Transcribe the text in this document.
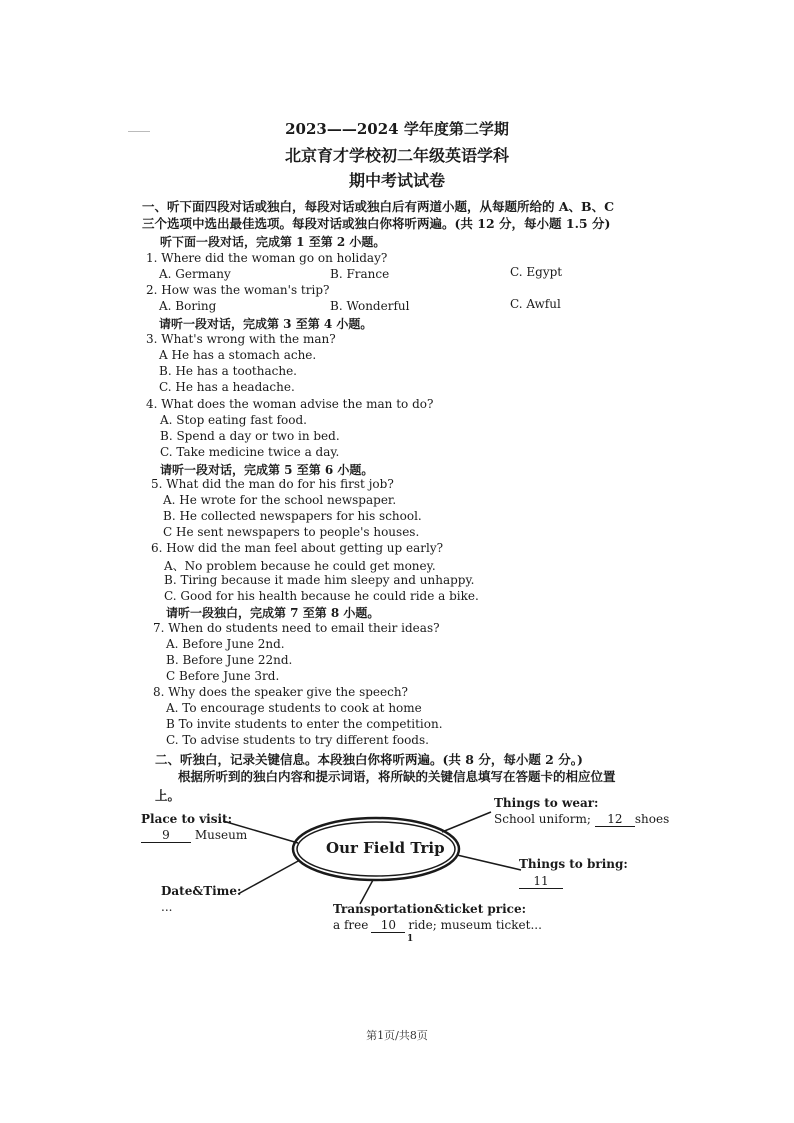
2023——2024 学年度第二学期
北京育才学校初二年级英语学科
期中考试试卷
一、听下面四段对话或独白，每段对话或独白后有两道小题，从每题所给的 A、B、C
三个选项中选出最佳选项。每段对话或独白你将听两遍。(共 12 分，每小题 1.5 分)
听下面一段对话，完成第 1 至第 2 小题。
1. Where did the woman go on holiday?
A. Germany	B. France	C. Egypt
2. How was the woman's trip?
A. Boring	B. Wonderful	C. Awful
请听一段对话，完成第 3 至第 4 小题。
3. What's wrong with the man?
A He has a stomach ache.
B. He has a toothache.
C. He has a headache.
4. What does the woman advise the man to do?
A. Stop eating fast food.
B. Spend a day or two in bed.
C. Take medicine twice a day.
请听一段对话，完成第 5 至第 6 小题。
5. What did the man do for his first job?
A. He wrote for the school newspaper.
B. He collected newspapers for his school.
C He sent newspapers to people's houses.
6. How did the man feel about getting up early?
A、No problem because he could get money.
B. Tiring because it made him sleepy and unhappy.
C. Good for his health because he could ride a bike.
请听一段独白，完成第 7 至第 8 小题。
7. When do students need to email their ideas?
A. Before June 2nd.
B. Before June 22nd.
C Before June 3rd.
8. Why does the speaker give the speech?
A. To encourage students to cook at home
B To invite students to enter the competition.
C. To advise students to try different foods.
二、听独白，记录关键信息。本段独白你将听两遍。(共 8 分，每小题 2 分。)
根据所听到的独白内容和提示词语，将所缺的关键信息填写在答题卡的相应位置
上。
Our Field Trip
Place to visit:
9 Museum
Date&Time:
...
Things to wear:
School uniform; 12 shoes
Things to bring:
11
Transportation&ticket price:
a free 10 ride; museum ticket...
1
第1页/共8页
